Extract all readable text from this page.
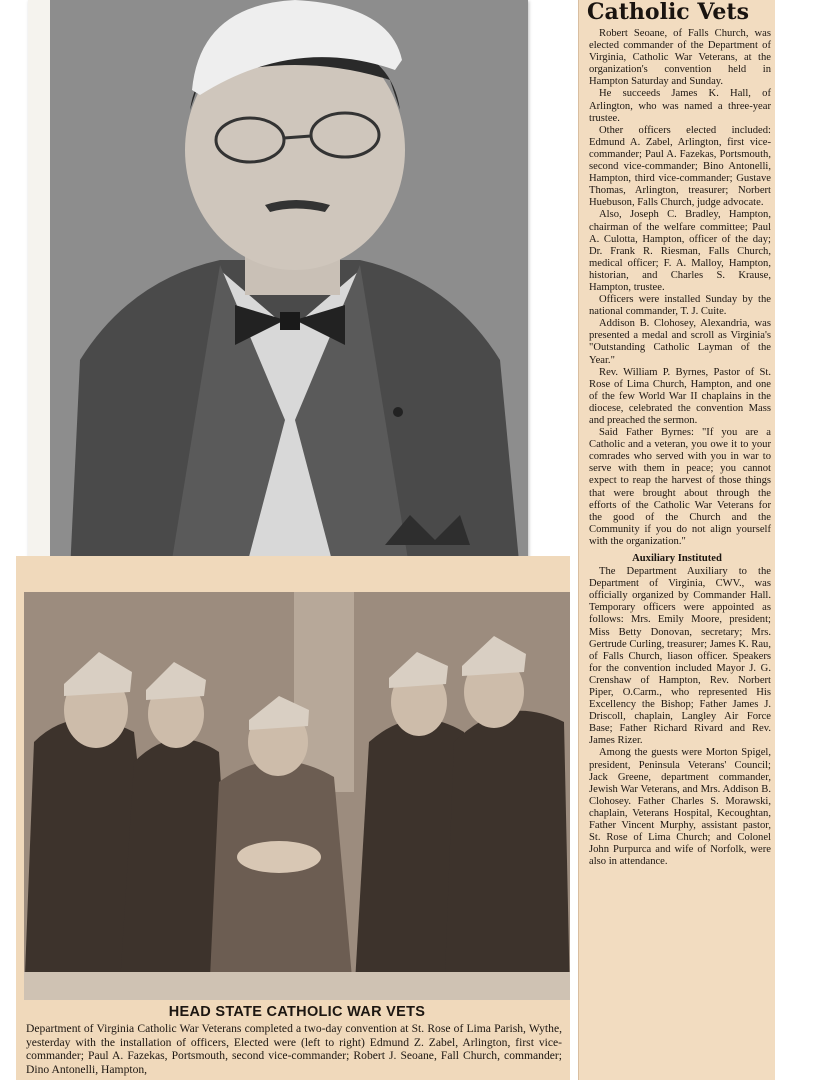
Catholic Vets

Robert Seoane, of Falls Church, was elected commander of the Department of Virginia, Catholic War Veterans, at the organization's convention held in Hampton Saturday and Sunday.

He succeeds James K. Hall, of Arlington, who was named a three-year trustee.

Other officers elected included: Edmund A. Zabel, Arlington, first vice-commander; Paul A. Fazekas, Portsmouth, second vice-commander; Bino Antonelli, Hampton, third vice-commander; Gustave Thomas, Arlington, treasurer; Norbert Huebuson, Falls Church, judge advocate.

Also, Joseph C. Bradley, Hampton, chairman of the welfare committee; Paul A. Culotta, Hampton, officer of the day; Dr. Frank R. Riesman, Falls Church, medical officer; F. A. Malloy, Hampton, historian, and Charles S. Krause, Hampton, trustee.

Officers were installed Sunday by the national commander, T. J. Cuite.

Addison B. Clohosey, Alexandria, was presented a medal and scroll as Virginia's "Outstanding Catholic Layman of the Year."

Rev. William P. Byrnes, Pastor of St. Rose of Lima Church, Hampton, and one of the few World War II chaplains in the diocese, celebrated the convention Mass and preached the sermon.

Said Father Byrnes: "If you are a Catholic and a veteran, you owe it to your comrades who served with you in war to serve with them in peace; you cannot expect to reap the harvest of those things that were brought about through the efforts of the Catholic War Veterans for the good of the Church and the Community if you do not align yourself with the organization."

Auxiliary Instituted

The Department Auxiliary to the Department of Virginia, CWV., was officially organized by Commander Hall. Temporary officers were appointed as follows: Mrs. Emily Moore, president; Miss Betty Donovan, secretary; Mrs. Gertrude Curling, treasurer; James K. Rau, of Falls Church, liason officer. Speakers for the convention included Mayor J. G. Crenshaw of Hampton, Rev. Norbert Piper, O.Carm., who represented His Excellency the Bishop; Father James J. Driscoll, chaplain, Langley Air Force Base; Father Richard Rivard and Rev. James Rizer.

Among the guests were Morton Spigel, president, Peninsula Veterans' Council; Jack Greene, department commander, Jewish War Veterans, and Mrs. Addison B. Clohosey. Father Charles S. Morawski, chaplain, Veterans Hospital, Kecoughtan, Father Vincent Murphy, assistant pastor, St. Rose of Lima Church; and Colonel John Purpurca and wife of Norfolk, were also in attendance.

HEAD STATE CATHOLIC WAR VETS

Department of Virginia Catholic War Veterans completed a two-day convention at St. Rose of Lima Parish, Wythe, yesterday with the installation of officers, Elected were (left to right) Edmund Z. Zabel, Arlington, first vice-commander; Paul A. Fazekas, Portsmouth, second vice-commander; Robert J. Seoane, Fall Church, commander; Dino Antonelli, Hampton,
